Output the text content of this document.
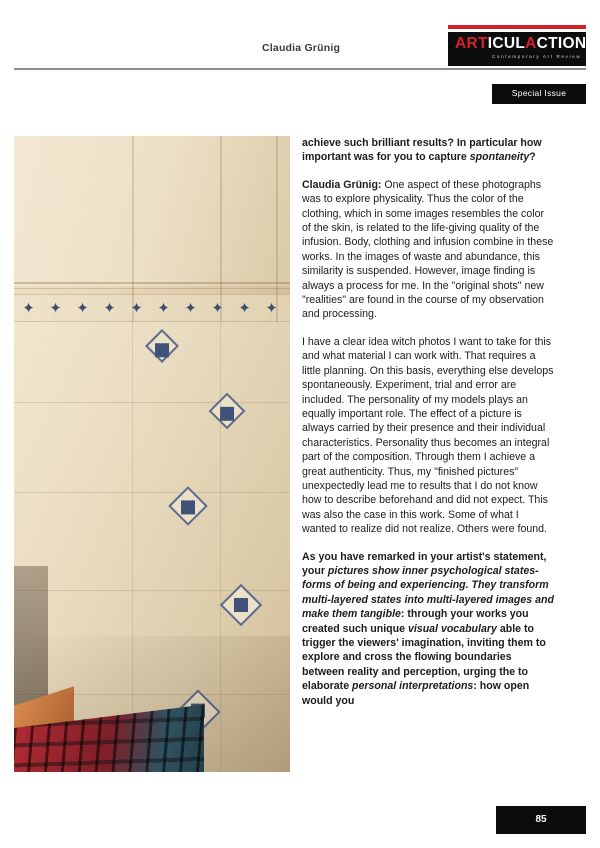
Claudia Grünig	ARTICULACTION
Contemporary Art Review
Special Issue
✦ ✦ ✦ ✦ ✦ ✦ ✦ ✦ ✦ ✦

achieve such brilliant results? In particular how important was for you to capture spontaneity?

Claudia Grünig: One aspect of these photographs was to explore physicality. Thus the color of the clothing, which in some images resembles the color of the skin, is related to the life-giving quality of the infusion. Body, clothing and infusion combine in these works. In the images of waste and abundance, this similarity is suspended. However, image finding is always a process for me. In the "original shots" new "realities" are found in the course of my observation and processing.

I have a clear idea witch photos I want to take for this and what material I can work with. That requires a little planning. On this basis, everything else develops spontaneously. Experiment, trial and error are included. The personality of my models plays an equally important role. The effect of a picture is always carried by their presence and their individual characteristics. Personality thus becomes an integral part of the composition. Through them I achieve a great authenticity. Thus, my "finished pictures" unexpectedly lead me to results that I do not know how to describe beforehand and did not expect. This was also the case in this work. Some of what I wanted to realize did not realize. Others were found.

As you have remarked in your artist's statement, your pictures show inner psychological states-forms of being and experiencing. They transform multi-layered states into multi-layered images and make them tangible: through your works you created such unique visual vocabulary able to trigger the viewers' imagination, inviting them to explore and cross the flowing boundaries between reality and perception, urging the to elaborate personal interpretations: how open would you

85
